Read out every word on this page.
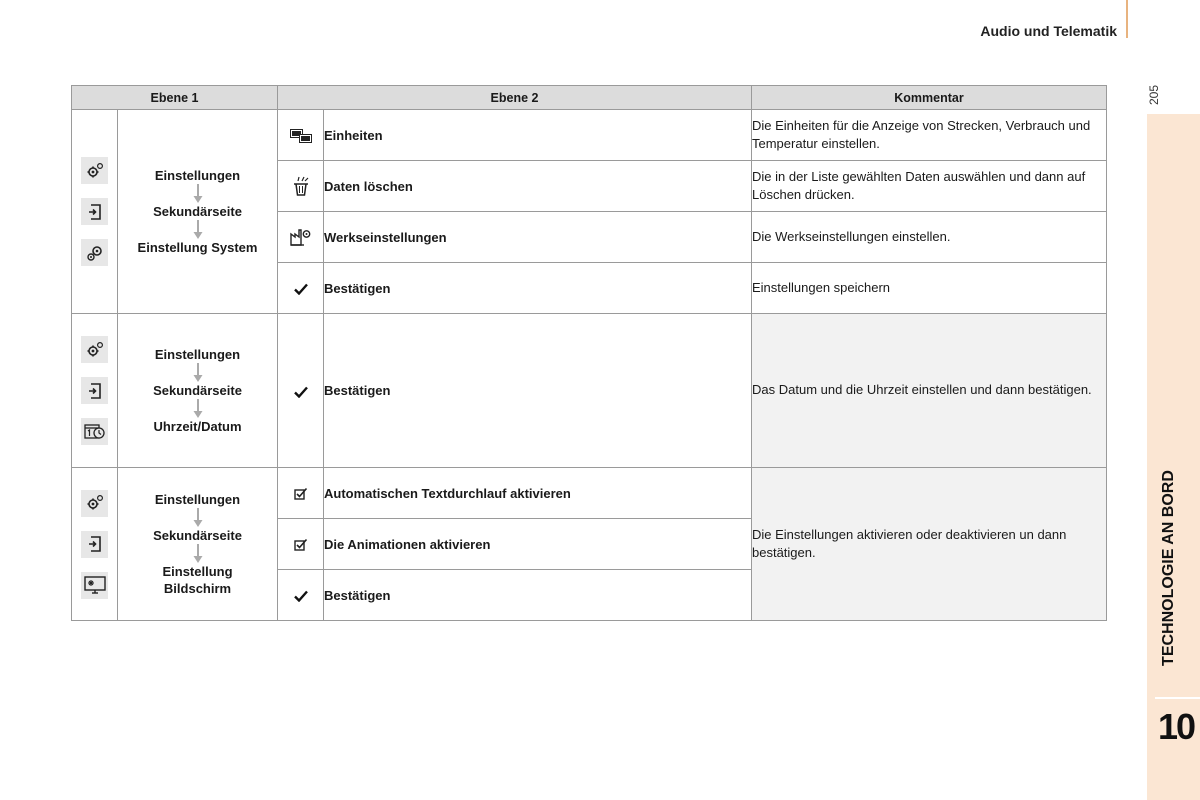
Audio und Telematik
205
TECHNOLOGIE AN BORD
10
Ebene 1		Ebene 2		Kommentar

Einstellungen
Sekundärseite
Einstellung System		Einheiten	Die Einheiten für die Anzeige von Strecken, Verbrauch und Temperatur einstellen.
	Daten löschen	Die in der Liste gewählten Daten auswählen und dann auf Löschen drücken.
	Werkseinstellungen	Die Werkseinstellungen einstellen.
	Bestätigen	Einstellungen speichern

Einstellungen
Sekundärseite
Uhrzeit/Datum		Bestätigen	Das Datum und die Uhrzeit einstellen und dann bestätigen.

Einstellungen
Sekundärseite
Einstellung Bildschirm		Automatischen Textdurchlauf aktivieren	Die Einstellungen aktivieren oder deaktivieren un dann bestätigen.
	Die Animationen aktivieren	
	Bestätigen	
